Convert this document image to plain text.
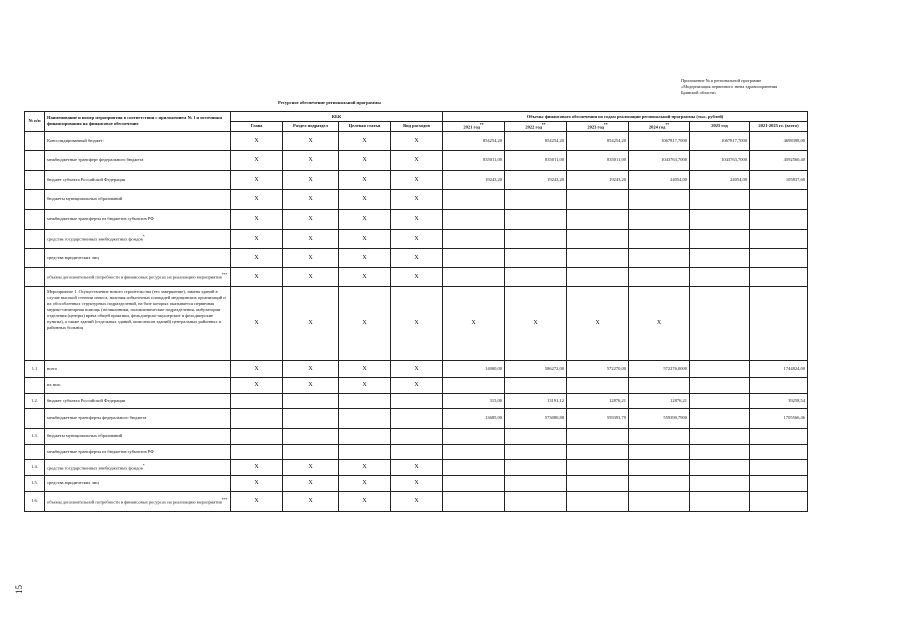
Приложение № к региональной программе
«Модернизация первичного звена здравоохранения
Брянской области»
Ресурсное обеспечение региональной программы
15
№ п/п	Наименование и номер мероприятия в соответствии с приложением № 1 и источники финансирования на финансовое обеспечение	КБК				Объемы финансового обеспечения по годам реализации региональной программы (тыс. рублей)					
		Глава	Раздел подраздел	Целевая статья	Вид расходов	2021 год**	2022 год**	2023 год**	2024 год**	2025 год	2021-2025 гг. (всего)
	Консолидированный бюджет:	X	X	X	X	854254,20	854254,20	854254,20	1067817,7000	1067817,7000	4698398,00
	межбюджетные трансферт федерального бюджета	X	X	X	X	835011,00	835011,00	835011,00	1043763,7000	1043763,7000	4592560,40
	бюджет субъекта Российской Федерации	X	X	X	X	19243,20	19243,20	19243,20	24054,00	24054,00	105837,60
	бюджеты муниципальных образований	X	X	X	X						
	межбюджетные трансферты из бюджетов субъектов РФ	X	X	X	X						
	средства государственных внебюджетных фондов*	X	X	X	X						
	средства юридических лиц	X	X	X	X						
	объемы дополнительной потребности в финансовых ресурсах на реализацию мероприятия***	X	X	X	X						
	Мероприятие 1. Осуществление нового строительства (его завершение), замена зданий в случае высокой степени износа, наличия избыточных площадей медицинских организаций и их обособленных структурных подразделений, на базе которых оказывается первичная медико-санитарная помощь (поликлиники, поликлинические подразделения, амбулатории отделения (центры) врача общей практики, фельдшерско-акушерские и фельдшерские пункты), а также зданий (отдельных зданий, комплексов зданий) центральных районных и районных больниц	X	X	X	X	X	X	X	X		
1.1	всего	X	X	X	X	14000,00	586272,00	572270,00	572276,0000		1744824,00
	их них:	X	X	X	X						
1.2.	бюджет субъекта Российской Федерации					315,00	13191,12	12876,21	12876,21		39258,54
	межбюджетные трансферты федерального бюджета					13685,00	573080,88	559393,79	559399,7900		1705566,46
1.3.	бюджеты муниципальных образований										
	межбюджетные трансферты из бюджетов субъектов РФ										
1.4.	средства государственных внебюджетных фондов*	X	X	X	X						
1.5.	средства юридических лиц	X	X	X	X						
1.6.	объемы дополнительной потребности в финансовых ресурсах на реализацию мероприятия***	X	X	X	X						
